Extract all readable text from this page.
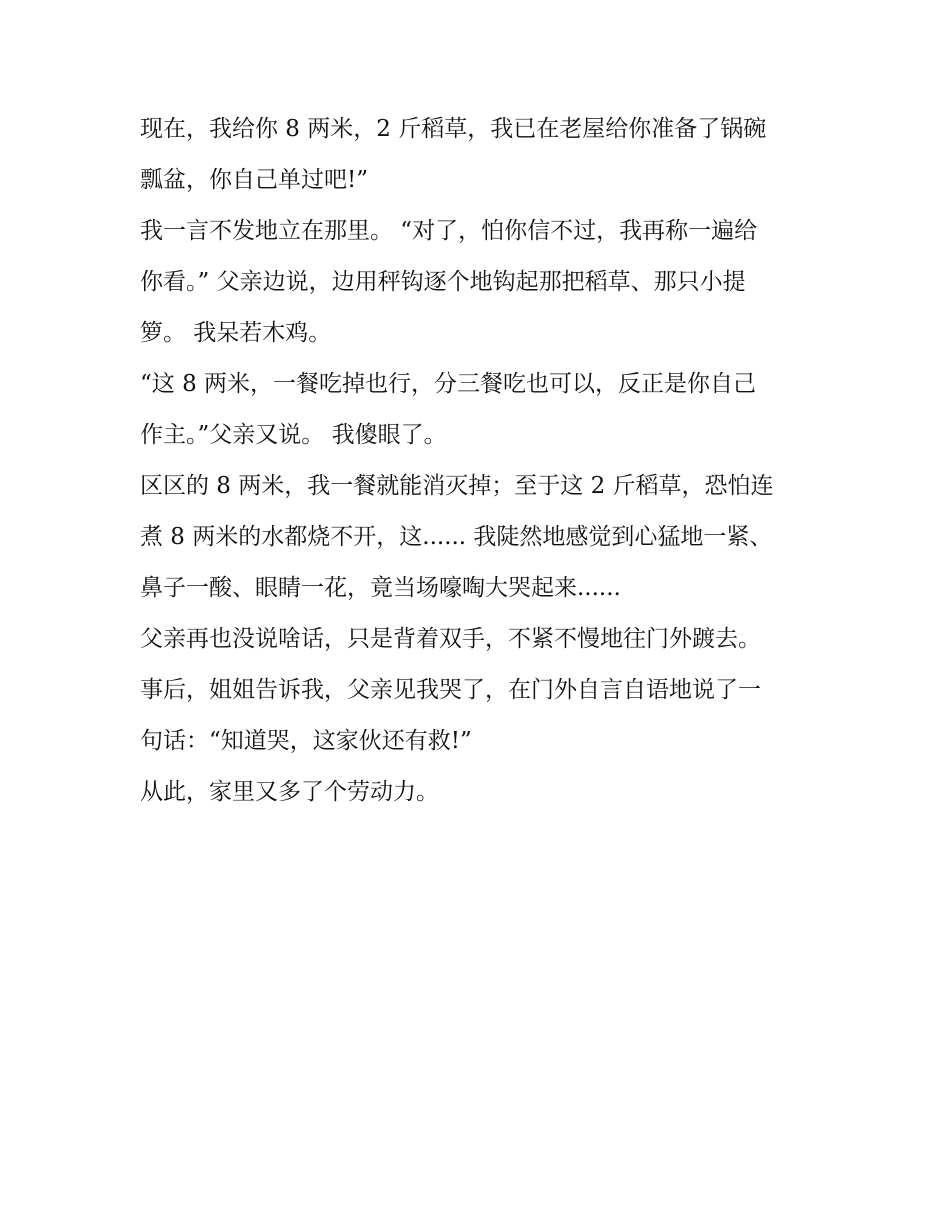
现在，我给你 8 两米，2 斤稻草，我已在老屋给你准备了锅碗
瓢盆，你自己单过吧!”
我一言不发地立在那里。 “对了，怕你信不过，我再称一遍给
你看。” 父亲边说，边用秤钩逐个地钩起那把稻草、那只小提
箩。 我呆若木鸡。
“这 8 两米，一餐吃掉也行，分三餐吃也可以，反正是你自己
作主。”父亲又说。 我傻眼了。
区区的 8 两米，我一餐就能消灭掉；至于这 2 斤稻草，恐怕连
煮 8 两米的水都烧不开，这...... 我陡然地感觉到心猛地一紧、
鼻子一酸、眼睛一花，竟当场嚎啕大哭起来......
父亲再也没说啥话，只是背着双手，不紧不慢地往门外踱去。
事后，姐姐告诉我，父亲见我哭了，在门外自言自语地说了一
句话：“知道哭，这家伙还有救!”
从此，家里又多了个劳动力。
